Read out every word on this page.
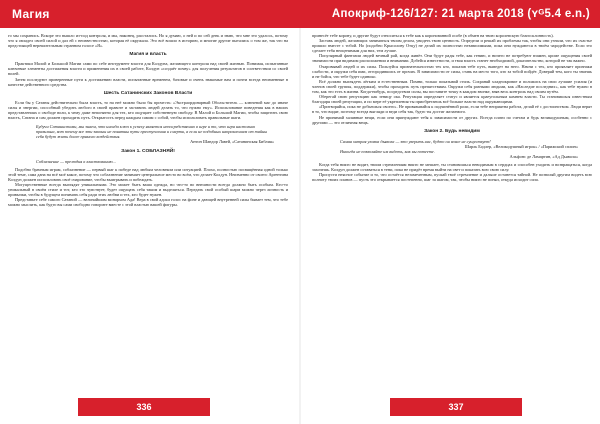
Магия

го мы сохранись. Вскоре это вышло из-под контроля, и мы, наконец, расстались. Но я думаю, о ней и по сей день и знаю, что мне это удалось, потому что я овладел своей силой и дал ей с неизвестностью, которая её окружала. Это всё вошло в историю, и многие другие пытались о том же, так что на предстоящей нерешительным странном голосе «Я».

Магия и власть

Практики Малой и Большой Магии сами по себе инструмент власти для Колдуна, желающего контроля над своей жизнью. Понимая, испытанные ключевые элементы достижения власти и применения их в своей работе, Колдун «создаёт почву» для получения результатов в соответствии со своей волей.

Затем последуют проверенные пути к достижению власти, испытанные временем, базовые и очень знакомые вам и почти всегда неизменные в качестве действенного средства.

Шесть Сатанинских Законов Власти

Если бы у Сатаны действительно была власть, то на неё можно было бы прочесть: «Экстраординарный Обольститель — ключевой маг до иначе силы и энергии, способный убедить любого в своей правоте и заставить людей делать то, что нужно ему». Использование поведения как в наших представлениях о свободе воли, к чему даже непонятно для тех, кто ощущает собственную свободу. В Малой и Большой Магии, чтобы защитить свою власть, Сатана и сам должен проходить путь. Открытость перед каждым самим с собой, чтобы использовать правильные шаги.

Будучи Сатанистами, мы знаем, что иногда ключ к успеху является непосредственно в игре и то, что игра настолько правильна, вот почему все эти законы не понятны пути преступления и смерти, а если не подобных направлением от тайны себя будут жить далее прямого воздействия.

Антон Шандор Лавей, «Сатанинская Библия»

Закон 1. СОБЛАЗНЯЙ!

Соблазнение — прелюдия к властвованию...

Подобно брачным играм, соблазнение — первый шаг к победе над любым человеком или ситуацией. Плохо, полностью посвящённая одной только этой теме, сама дана на всё моё какое, потому что соблазнение занимает центральное место во всём, что делает Колдун. Неизменно от своего Аргентина Колдун должен использовать своё очарование, чтобы выигрывать и побеждать.

Могущественные всегда выглядят уникальными. Это может быть ваша одежда, но что-то во внешности всегда должно быть особым. Кто-то уникальный в своём стиле и тот, кто это чувствует, будет ощущать себя таким и выделяться. Передать свой особый шарм можно через личность и привычки, чтобы в будущем понимать себя ради этих любви и тех, кто будет нужен.

Представьте себе самого Сатаной — величайшим монархом Ада! Вера в свой адски голос на фоне и дающей внутренней силы бывает тем, что тебе можно мыслить, как будто вы сами свободно говорите вместе с этой властью вашей фигуры.

336
Апокриф-126/127: 21 марта 2018 (ʏᴳ5.4 e.n.)

принесёт тебе корону, и другие будут относиться к тебе как к коронованной особе (в обмен на твою королевскую благосклонность).

Заставь людей, желающих заниматься твоим делом, увидеть твою ценность. Определи и решай их проблемы так, чтобы они узнали, что их счастье пришло вместе с тобой. Но (подобно Крысолову Отцу) не делай их полностью независимыми, пока они нуждаются в твоём чародействе. Если это сделает тебя неоценимым для них, тем лучше.

Популярный фантазии людей вечный рай, когда живёт. Они будут рады тебе, как гению, и ничего не потребуют взамен, кроме ощущения своей значимости при видимом расположении и внимании. Добейся известности, и твоя власть станет необходимой, доказательство, которой не так важно.

Очаровывай людей и их силы. Пользуйся признательностью тех кто, показав тебе путь, выведет на него. Начни с тех, кто проявляет признаки слабости, и окружи себя ими, отгородившись от прочих. В зависимости от силы, ставь на место того, кто за тобой пойдёт. Доверяй тем, кого ты знаешь и не бойся, что тебе будет одиноко.

Всё должно выглядеть лёгким и естественным. Помни, только показывай стиль. Сохраняй хладнокровие и положись на свои лучшие усилия (и членов своей группы, поддержки), чтобы проходить путь препятствиям. Окружи себя разными людьми, как «Наследие последних», как тебе нужно в том, как это есть в жизни. Когда-нибудь, посредством силы, вы поставите точку в каждом звонке, взяв весь контроль над своим путём.

Оберегай свою репутацию как зеницу ока. Репутация определяет статус и является краеугольным камнем власти. Ты становишься известным благодаря своей репутации, и по мере её укрепления ты приобретаешь всё больше власти над окружающими.

«Притворяйся, пока не добьешься своего». Не привязывайся к подчинённой роли, если тебе неприятна работа, делай её с достоинством. Люди верят в то, что видят, поэтому всегда выгляди и веди себя так, будто ты достиг желаемого.

Не принимай халявные вещи, если они принуждают тебя к зависимости от других. Всегда плати по счетам и будь великодушным, особенно с другими — это отличная вещь.

Закон 2. Будь невидим

Самая хитрая уловка дьявола — это уверить нас, будто он вовсе не существует!

Шарль Бодлер, «Великодушный игрок» / «Парижский сплин»

Никогда не позволяйте им видеть, как вы потеете.

Альфонс де Ламартин, «Ад Дьявола»

Когда тебя никто не видит, твоим стремлениям никто не мешает, ты становишься невидимым в сердцах и способен уходить и возвращаться, когда захочешь. Колдун должен оставаться в тени, пока не придёт время выйти на свет и показать всю свою силу.

Пропусти неясное событие и то, что остаётся незамеченным, пускай твоё стремление и дальше останется тайной. Не позволяй другим видеть всю полноту твоих планов — пусть это открывается постепенно, шаг за шагом, так, чтобы никто не понял, откуда исходит сила.

337
